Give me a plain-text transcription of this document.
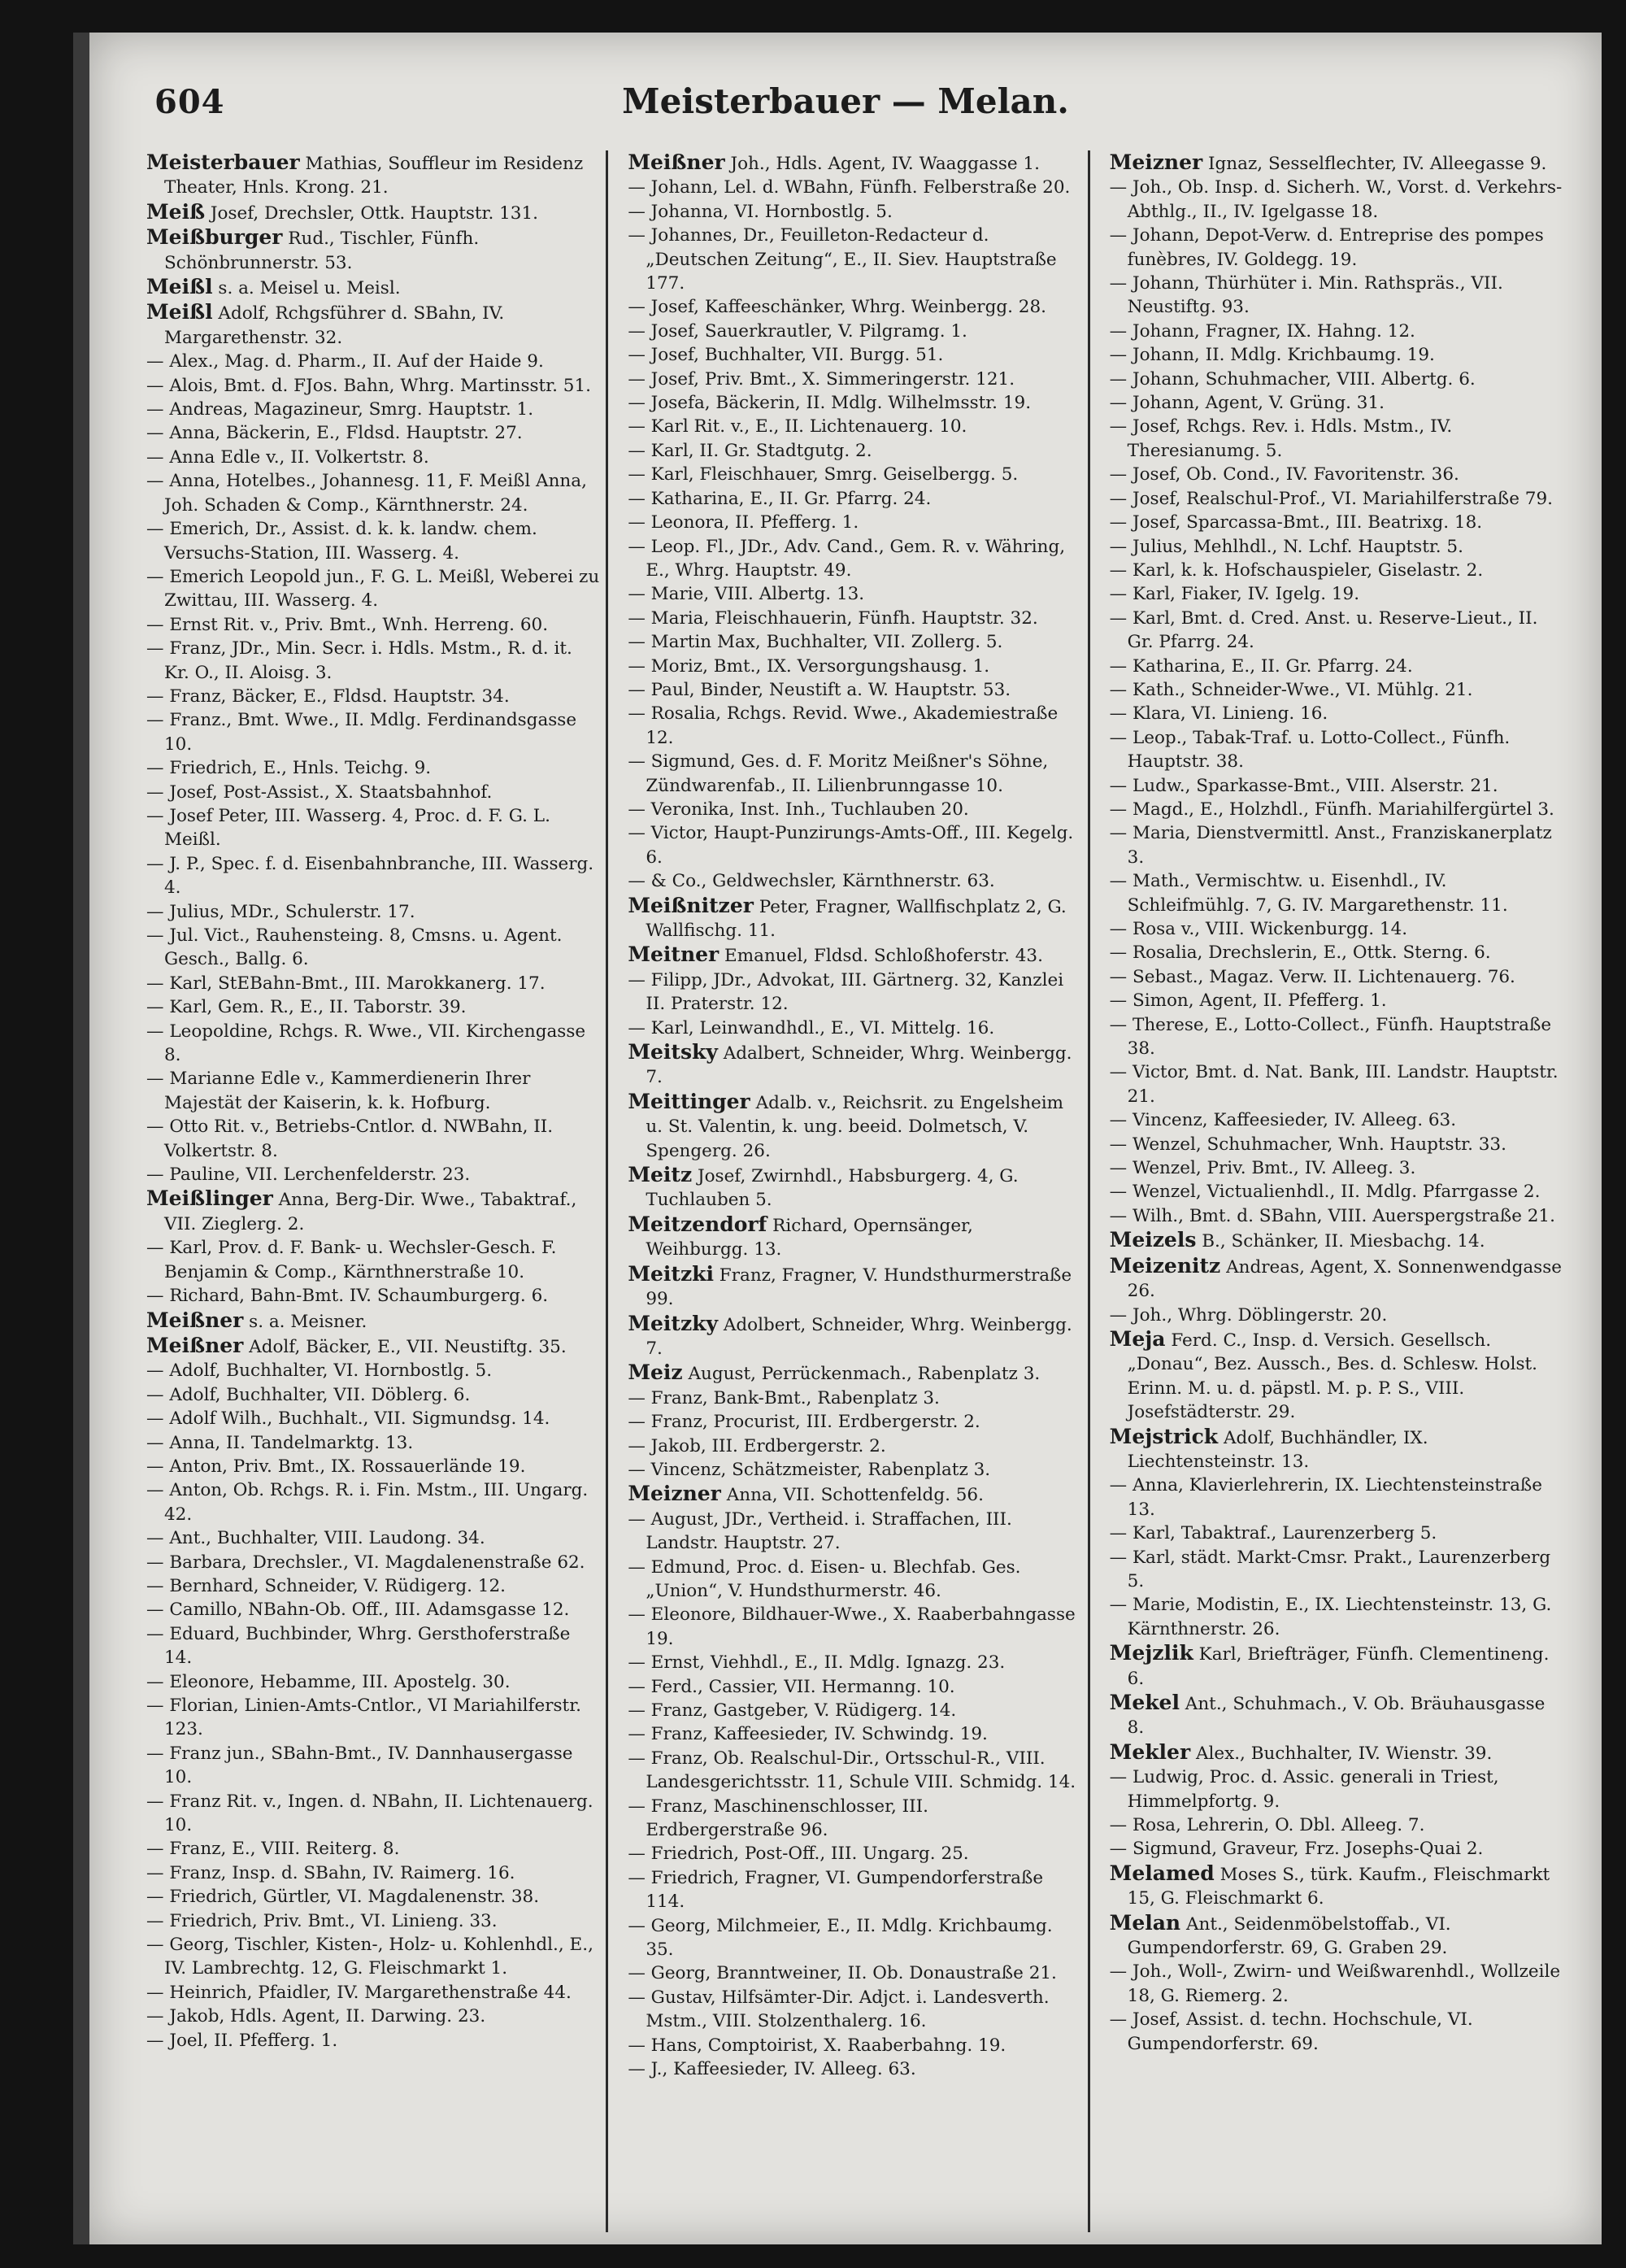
604	Meisterbauer — Melan.
Meisterbauer Mathias, Souffleur im Residenz Theater, Hnls. Krong. 21.
Meiß Josef, Drechsler, Ottk. Hauptstr. 131.
Meißburger Rud., Tischler, Fünfh. Schönbrunnerstr. 53.
Meißl s. a. Meisel u. Meisl.
Meißl Adolf, Rchgsführer d. SBahn, IV. Margarethenstr. 32.
— Alex., Mag. d. Pharm., II. Auf der Haide 9.
— Alois, Bmt. d. FJos. Bahn, Whrg. Martinsstr. 51.
— Andreas, Magazineur, Smrg. Hauptstr. 1.
— Anna, Bäckerin, E., Fldsd. Hauptstr. 27.
— Anna Edle v., II. Volkertstr. 8.
— Anna, Hotelbes., Johannesg. 11, F. Meißl Anna, Joh. Schaden & Comp., Kärnthnerstr. 24.
— Emerich, Dr., Assist. d. k. k. landw. chem. Versuchs-Station, III. Wasserg. 4.
— Emerich Leopold jun., F. G. L. Meißl, Weberei zu Zwittau, III. Wasserg. 4.
— Ernst Rit. v., Priv. Bmt., Wnh. Herreng. 60.
— Franz, JDr., Min. Secr. i. Hdls. Mstm., R. d. it. Kr. O., II. Aloisg. 3.
— Franz, Bäcker, E., Fldsd. Hauptstr. 34.
— Franz., Bmt. Wwe., II. Mdlg. Ferdinandsgasse 10.
— Friedrich, E., Hnls. Teichg. 9.
— Josef, Post-Assist., X. Staatsbahnhof.
— Josef Peter, III. Wasserg. 4, Proc. d. F. G. L. Meißl.
— J. P., Spec. f. d. Eisenbahnbranche, III. Wasserg. 4.
— Julius, MDr., Schulerstr. 17.
— Jul. Vict., Rauhensteing. 8, Cmsns. u. Agent. Gesch., Ballg. 6.
— Karl, StEBahn-Bmt., III. Marokkanerg. 17.
— Karl, Gem. R., E., II. Taborstr. 39.
— Leopoldine, Rchgs. R. Wwe., VII. Kirchengasse 8.
— Marianne Edle v., Kammerdienerin Ihrer Majestät der Kaiserin, k. k. Hofburg.
— Otto Rit. v., Betriebs-Cntlor. d. NWBahn, II. Volkertstr. 8.
— Pauline, VII. Lerchenfelderstr. 23.
Meißlinger Anna, Berg-Dir. Wwe., Tabaktraf., VII. Zieglerg. 2.
— Karl, Prov. d. F. Bank- u. Wechsler-Gesch. F. Benjamin & Comp., Kärnthnerstraße 10.
— Richard, Bahn-Bmt. IV. Schaumburgerg. 6.
Meißner s. a. Meisner.
Meißner Adolf, Bäcker, E., VII. Neustiftg. 35.
— Adolf, Buchhalter, VI. Hornbostlg. 5.
— Adolf, Buchhalter, VII. Döblerg. 6.
— Adolf Wilh., Buchhalt., VII. Sigmundsg. 14.
— Anna, II. Tandelmarktg. 13.
— Anton, Priv. Bmt., IX. Rossauerlände 19.
— Anton, Ob. Rchgs. R. i. Fin. Mstm., III. Ungarg. 42.
— Ant., Buchhalter, VIII. Laudong. 34.
— Barbara, Drechsler., VI. Magdalenenstraße 62.
— Bernhard, Schneider, V. Rüdigerg. 12.
— Camillo, NBahn-Ob. Off., III. Adamsgasse 12.
— Eduard, Buchbinder, Whrg. Gersthoferstraße 14.
— Eleonore, Hebamme, III. Apostelg. 30.
— Florian, Linien-Amts-Cntlor., VI Mariahilferstr. 123.
— Franz jun., SBahn-Bmt., IV. Dannhausergasse 10.
— Franz Rit. v., Ingen. d. NBahn, II. Lichtenauerg. 10.
— Franz, E., VIII. Reiterg. 8.
— Franz, Insp. d. SBahn, IV. Raimerg. 16.
— Friedrich, Gürtler, VI. Magdalenenstr. 38.
— Friedrich, Priv. Bmt., VI. Linieng. 33.
— Georg, Tischler, Kisten-, Holz- u. Kohlenhdl., E., IV. Lambrechtg. 12, G. Fleischmarkt 1.
— Heinrich, Pfaidler, IV. Margarethenstraße 44.
— Jakob, Hdls. Agent, II. Darwing. 23.
— Joel, II. Pfefferg. 1.
Meißner Joh., Hdls. Agent, IV. Waaggasse 1.
— Johann, Lel. d. WBahn, Fünfh. Felberstraße 20.
— Johanna, VI. Hornbostlg. 5.
— Johannes, Dr., Feuilleton-Redacteur d. „Deutschen Zeitung“, E., II. Siev. Hauptstraße 177.
— Josef, Kaffeeschänker, Whrg. Weinbergg. 28.
— Josef, Sauerkrautler, V. Pilgramg. 1.
— Josef, Buchhalter, VII. Burgg. 51.
— Josef, Priv. Bmt., X. Simmeringerstr. 121.
— Josefa, Bäckerin, II. Mdlg. Wilhelmsstr. 19.
— Karl Rit. v., E., II. Lichtenauerg. 10.
— Karl, II. Gr. Stadtgutg. 2.
— Karl, Fleischhauer, Smrg. Geiselbergg. 5.
— Katharina, E., II. Gr. Pfarrg. 24.
— Leonora, II. Pfefferg. 1.
— Leop. Fl., JDr., Adv. Cand., Gem. R. v. Währing, E., Whrg. Hauptstr. 49.
— Marie, VIII. Albertg. 13.
— Maria, Fleischhauerin, Fünfh. Hauptstr. 32.
— Martin Max, Buchhalter, VII. Zollerg. 5.
— Moriz, Bmt., IX. Versorgungshausg. 1.
— Paul, Binder, Neustift a. W. Hauptstr. 53.
— Rosalia, Rchgs. Revid. Wwe., Akademiestraße 12.
— Sigmund, Ges. d. F. Moritz Meißner's Söhne, Zündwarenfab., II. Lilienbrunngasse 10.
— Veronika, Inst. Inh., Tuchlauben 20.
— Victor, Haupt-Punzirungs-Amts-Off., III. Kegelg. 6.
— & Co., Geldwechsler, Kärnthnerstr. 63.
Meißnitzer Peter, Fragner, Wallfischplatz 2, G. Wallfischg. 11.
Meitner Emanuel, Fldsd. Schloßhoferstr. 43.
— Filipp, JDr., Advokat, III. Gärtnerg. 32, Kanzlei II. Praterstr. 12.
— Karl, Leinwandhdl., E., VI. Mittelg. 16.
Meitsky Adalbert, Schneider, Whrg. Weinbergg. 7.
Meittinger Adalb. v., Reichsrit. zu Engelsheim u. St. Valentin, k. ung. beeid. Dolmetsch, V. Spengerg. 26.
Meitz Josef, Zwirnhdl., Habsburgerg. 4, G. Tuchlauben 5.
Meitzendorf Richard, Opernsänger, Weihburgg. 13.
Meitzki Franz, Fragner, V. Hundsthurmerstraße 99.
Meitzky Adolbert, Schneider, Whrg. Weinbergg. 7.
Meiz August, Perrückenmach., Rabenplatz 3.
— Franz, Bank-Bmt., Rabenplatz 3.
— Franz, Procurist, III. Erdbergerstr. 2.
— Jakob, III. Erdbergerstr. 2.
— Vincenz, Schätzmeister, Rabenplatz 3.
Meizner Anna, VII. Schottenfeldg. 56.
— August, JDr., Vertheid. i. Straffachen, III. Landstr. Hauptstr. 27.
— Edmund, Proc. d. Eisen- u. Blechfab. Ges. „Union“, V. Hundsthurmerstr. 46.
— Eleonore, Bildhauer-Wwe., X. Raaberbahngasse 19.
— Ernst, Viehhdl., E., II. Mdlg. Ignazg. 23.
— Ferd., Cassier, VII. Hermanng. 10.
— Franz, Gastgeber, V. Rüdigerg. 14.
— Franz, Kaffeesieder, IV. Schwindg. 19.
— Franz, Ob. Realschul-Dir., Ortsschul-R., VIII. Landesgerichtsstr. 11, Schule VIII. Schmidg. 14.
— Franz, Maschinenschlosser, III. Erdbergerstraße 96.
— Friedrich, Post-Off., III. Ungarg. 25.
— Friedrich, Fragner, VI. Gumpendorferstraße 114.
— Georg, Milchmeier, E., II. Mdlg. Krichbaumg. 35.
— Georg, Branntweiner, II. Ob. Donaustraße 21.
— Gustav, Hilfsämter-Dir. Adjct. i. Landesverth. Mstm., VIII. Stolzenthalerg. 16.
— Hans, Comptoirist, X. Raaberbahng. 19.
— J., Kaffeesieder, IV. Alleeg. 63.
Meizner Ignaz, Sesselflechter, IV. Alleegasse 9.
— Joh., Ob. Insp. d. Sicherh. W., Vorst. d. Verkehrs-Abthlg., II., IV. Igelgasse 18.
— Johann, Depot-Verw. d. Entreprise des pompes funèbres, IV. Goldegg. 19.
— Johann, Thürhüter i. Min. Rathspräs., VII. Neustiftg. 93.
— Johann, Fragner, IX. Hahng. 12.
— Johann, II. Mdlg. Krichbaumg. 19.
— Johann, Schuhmacher, VIII. Albertg. 6.
— Johann, Agent, V. Grüng. 31.
— Josef, Rchgs. Rev. i. Hdls. Mstm., IV. Theresianumg. 5.
— Josef, Ob. Cond., IV. Favoritenstr. 36.
— Josef, Realschul-Prof., VI. Mariahilferstraße 79.
— Josef, Sparcassa-Bmt., III. Beatrixg. 18.
— Julius, Mehlhdl., N. Lchf. Hauptstr. 5.
— Karl, k. k. Hofschauspieler, Giselastr. 2.
— Karl, Fiaker, IV. Igelg. 19.
— Karl, Bmt. d. Cred. Anst. u. Reserve-Lieut., II. Gr. Pfarrg. 24.
— Katharina, E., II. Gr. Pfarrg. 24.
— Kath., Schneider-Wwe., VI. Mühlg. 21.
— Klara, VI. Linieng. 16.
— Leop., Tabak-Traf. u. Lotto-Collect., Fünfh. Hauptstr. 38.
— Ludw., Sparkasse-Bmt., VIII. Alserstr. 21.
— Magd., E., Holzhdl., Fünfh. Mariahilfergürtel 3.
— Maria, Dienstvermittl. Anst., Franziskanerplatz 3.
— Math., Vermischtw. u. Eisenhdl., IV. Schleifmühlg. 7, G. IV. Margarethenstr. 11.
— Rosa v., VIII. Wickenburgg. 14.
— Rosalia, Drechslerin, E., Ottk. Sterng. 6.
— Sebast., Magaz. Verw. II. Lichtenauerg. 76.
— Simon, Agent, II. Pfefferg. 1.
— Therese, E., Lotto-Collect., Fünfh. Hauptstraße 38.
— Victor, Bmt. d. Nat. Bank, III. Landstr. Hauptstr. 21.
— Vincenz, Kaffeesieder, IV. Alleeg. 63.
— Wenzel, Schuhmacher, Wnh. Hauptstr. 33.
— Wenzel, Priv. Bmt., IV. Alleeg. 3.
— Wenzel, Victualienhdl., II. Mdlg. Pfarrgasse 2.
— Wilh., Bmt. d. SBahn, VIII. Auerspergstraße 21.
Meizels B., Schänker, II. Miesbachg. 14.
Meizenitz Andreas, Agent, X. Sonnenwendgasse 26.
— Joh., Whrg. Döblingerstr. 20.
Meja Ferd. C., Insp. d. Versich. Gesellsch. „Donau“, Bez. Aussch., Bes. d. Schlesw. Holst. Erinn. M. u. d. päpstl. M. p. P. S., VIII. Josefstädterstr. 29.
Mejstrick Adolf, Buchhändler, IX. Liechtensteinstr. 13.
— Anna, Klavierlehrerin, IX. Liechtensteinstraße 13.
— Karl, Tabaktraf., Laurenzerberg 5.
— Karl, städt. Markt-Cmsr. Prakt., Laurenzerberg 5.
— Marie, Modistin, E., IX. Liechtensteinstr. 13, G. Kärnthnerstr. 26.
Mejzlik Karl, Briefträger, Fünfh. Clementineng. 6.
Mekel Ant., Schuhmach., V. Ob. Bräuhausgasse 8.
Mekler Alex., Buchhalter, IV. Wienstr. 39.
— Ludwig, Proc. d. Assic. generali in Triest, Himmelpfortg. 9.
— Rosa, Lehrerin, O. Dbl. Alleeg. 7.
— Sigmund, Graveur, Frz. Josephs-Quai 2.
Melamed Moses S., türk. Kaufm., Fleischmarkt 15, G. Fleischmarkt 6.
Melan Ant., Seidenmöbelstoffab., VI. Gumpendorferstr. 69, G. Graben 29.
— Joh., Woll-, Zwirn- und Weißwarenhdl., Wollzeile 18, G. Riemerg. 2.
— Josef, Assist. d. techn. Hochschule, VI. Gumpendorferstr. 69.
